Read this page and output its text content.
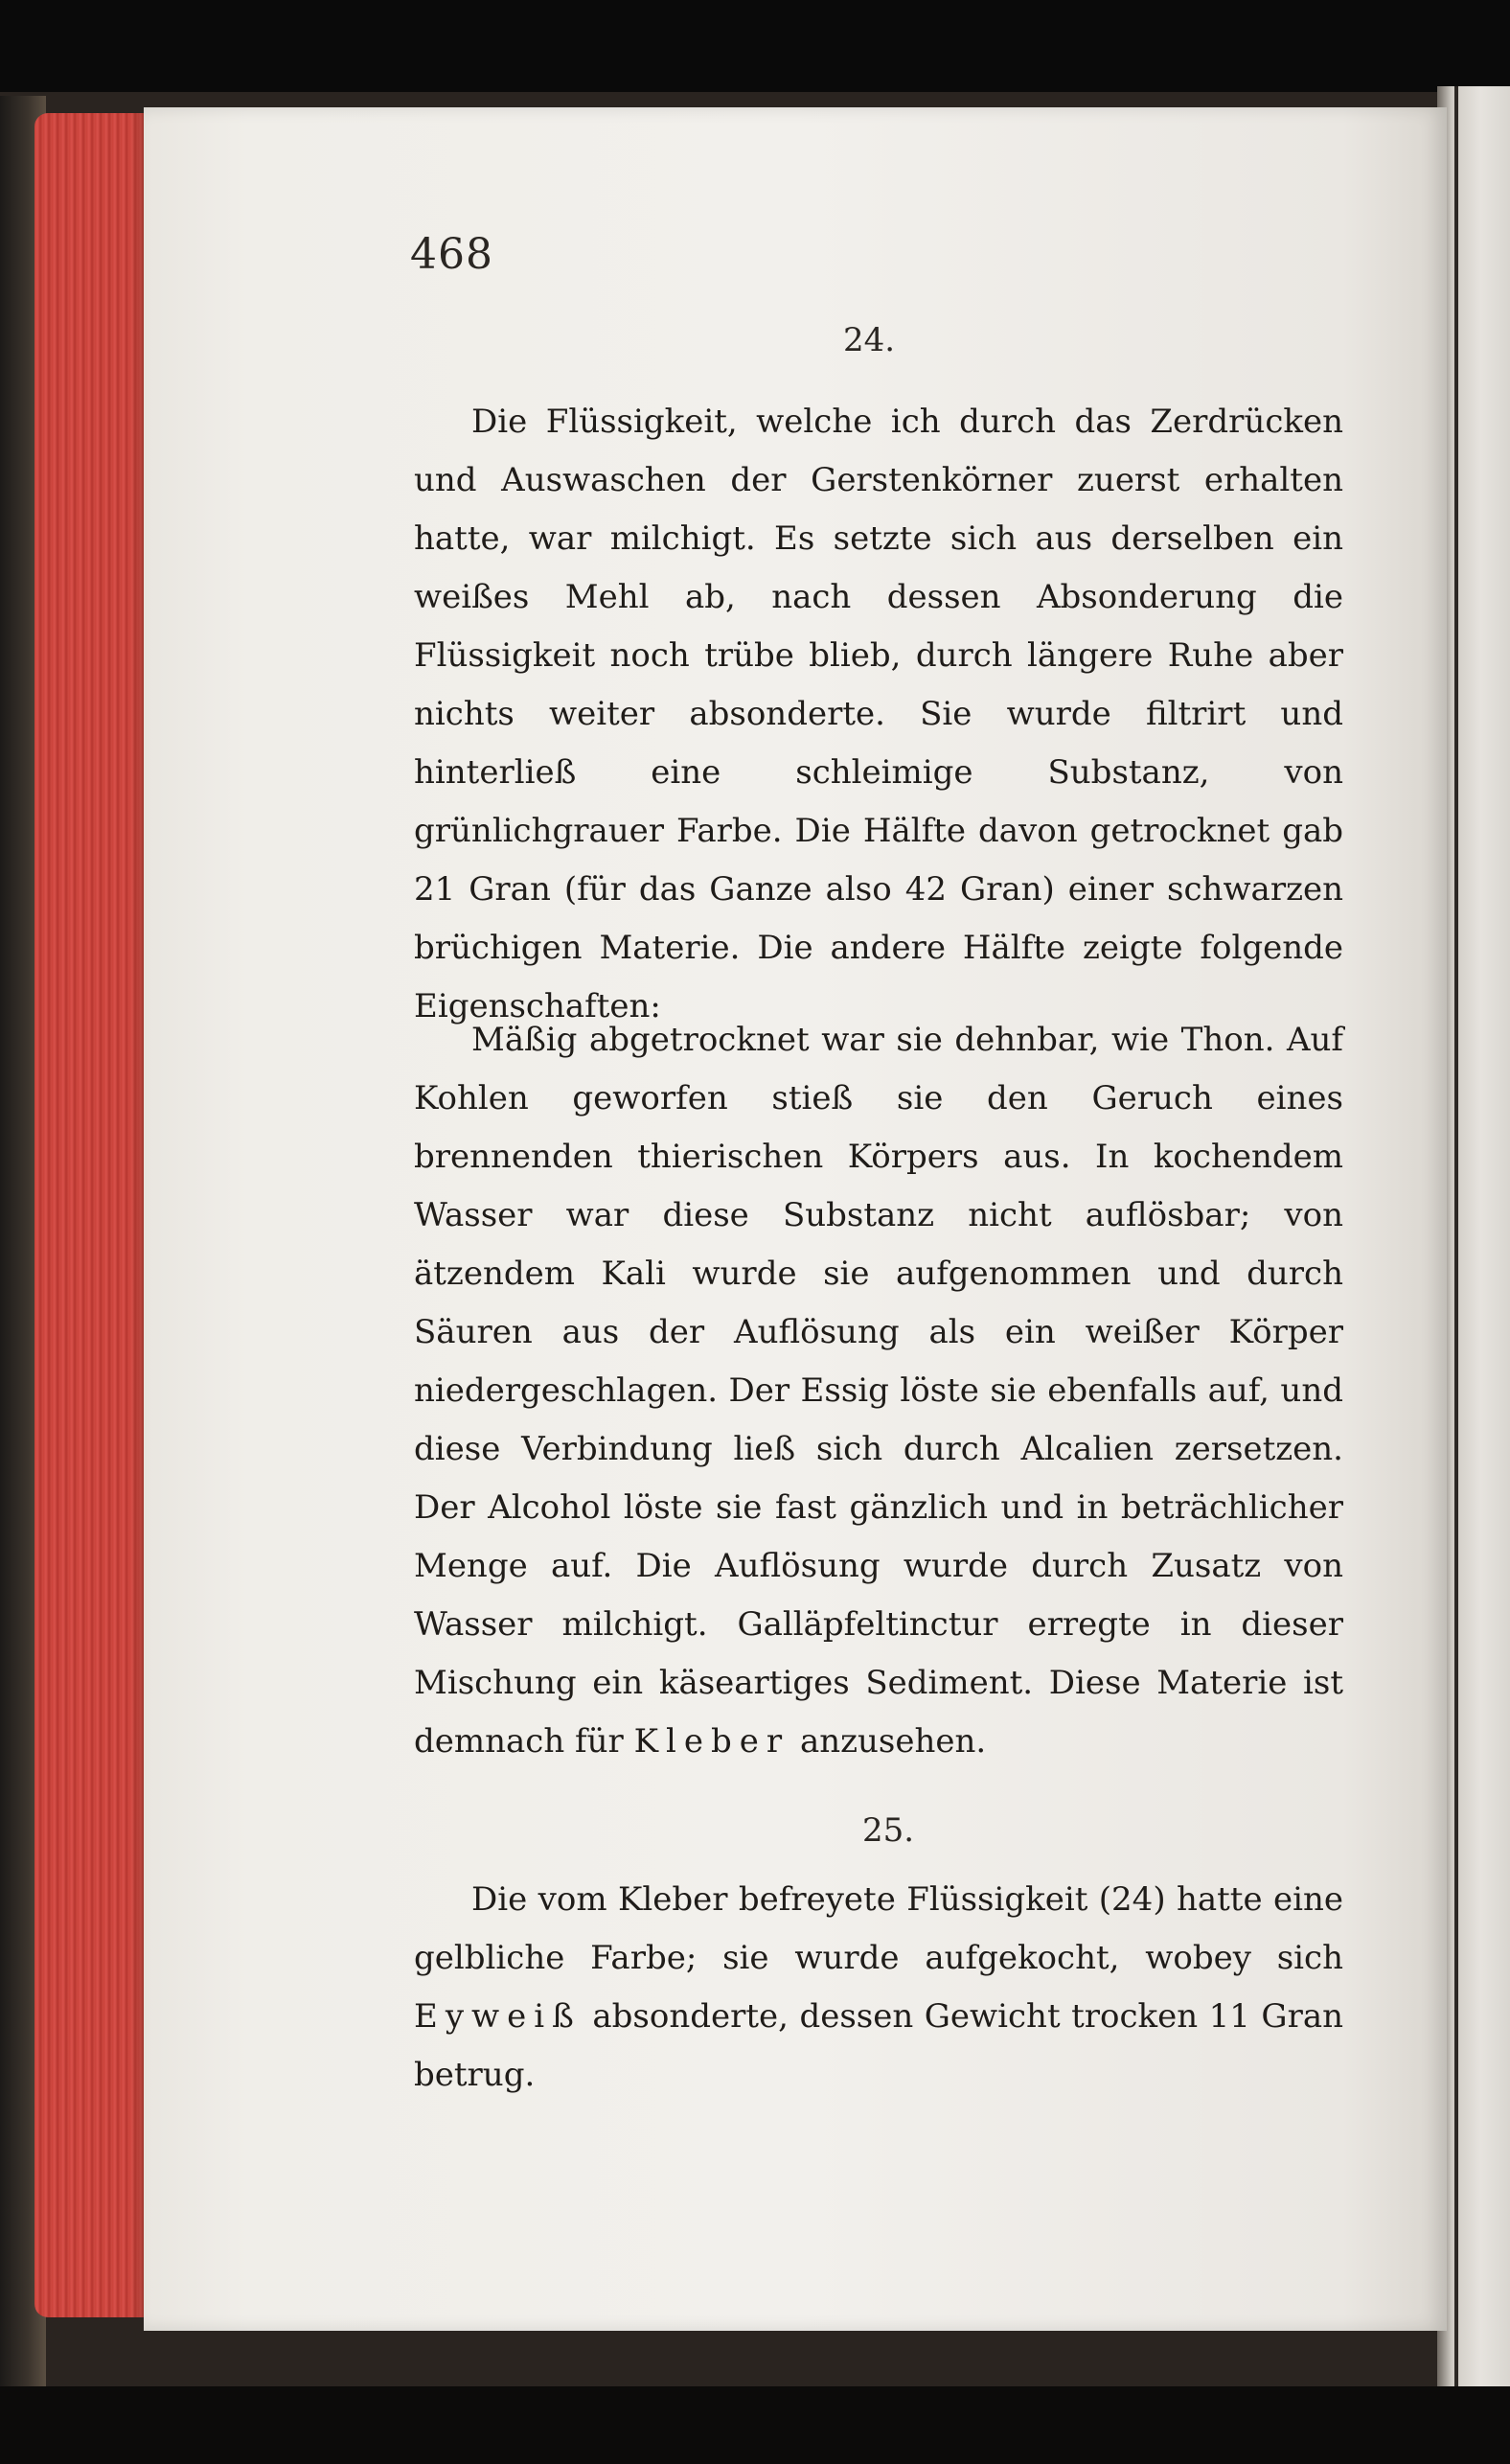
468
24.
Die Flüssigkeit, welche ich durch das Zerdrücken und Auswaschen der Gerstenkörner zuerst erhalten hatte, war milchigt. Es setzte sich aus derselben ein weißes Mehl ab, nach dessen Absonderung die Flüssigkeit noch trübe blieb, durch längere Ruhe aber nichts weiter absonderte. Sie wurde filtrirt und hinterließ eine schleimige Substanz, von grünlichgrauer Farbe. Die Hälfte davon getrocknet gab 21 Gran (für das Ganze also 42 Gran) einer schwarzen brüchigen Materie. Die andere Hälfte zeigte folgende Eigenschaften:
Mäßig abgetrocknet war sie dehnbar, wie Thon. Auf Kohlen geworfen stieß sie den Geruch eines brennenden thierischen Körpers aus. In kochendem Wasser war diese Substanz nicht auflösbar; von ätzendem Kali wurde sie aufgenommen und durch Säuren aus der Auflösung als ein weißer Körper niedergeschlagen. Der Essig löste sie ebenfalls auf, und diese Verbindung ließ sich durch Alcalien zersetzen. Der Alcohol löste sie fast gänzlich und in beträchlicher Menge auf. Die Auflösung wurde durch Zusatz von Wasser milchigt. Galläpfeltinctur erregte in dieser Mischung ein käseartiges Sediment. Diese Materie ist demnach für Kleber anzusehen.
25.
Die vom Kleber befreyete Flüssigkeit (24) hatte eine gelbliche Farbe; sie wurde aufgekocht, wobey sich Eyweiß absonderte, dessen Gewicht trocken 11 Gran betrug.
